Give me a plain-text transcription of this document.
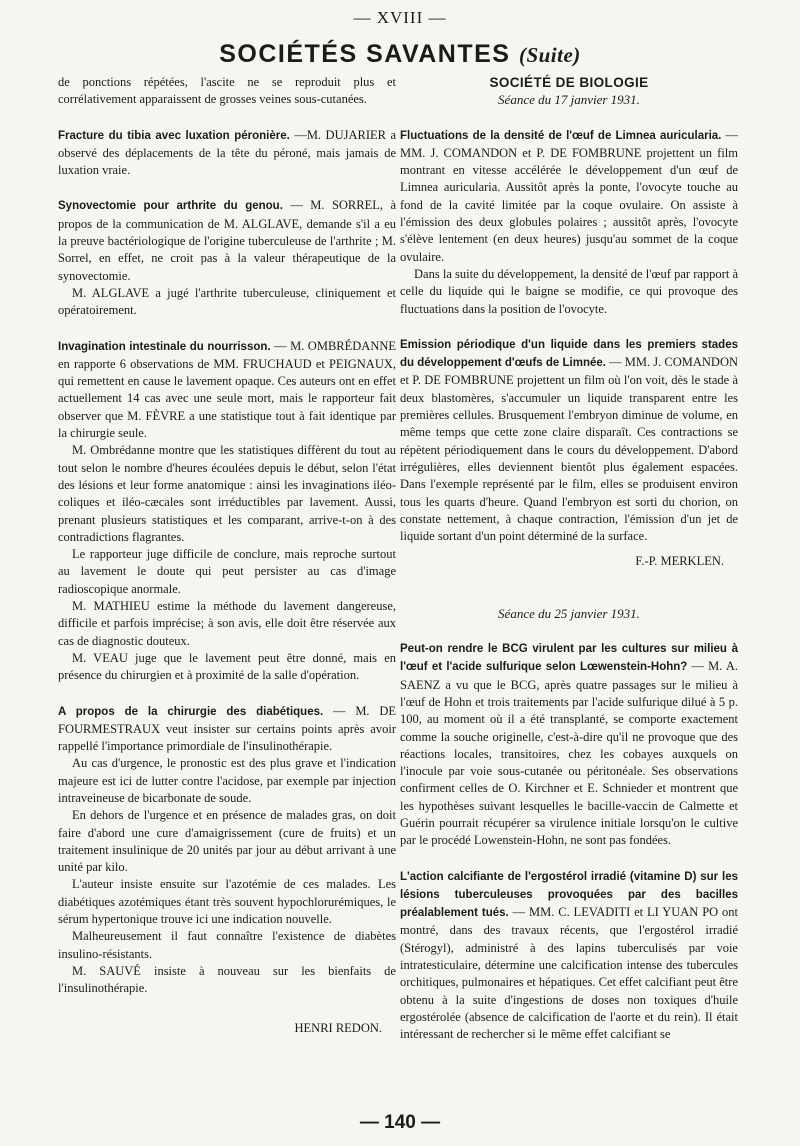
— XVIII —
SOCIÉTÉS SAVANTES (Suite)

de ponctions répétées, l'ascite ne se reproduit plus et corrélativement apparaissent de grosses veines sous-cutanées.

Fracture du tibia avec luxation péronière. —M. DUJARIER a observé des déplacements de la tête du péroné, mais jamais de luxation vraie.

Synovectomie pour arthrite du genou. — M. SORREL, à propos de la communication de M. ALGLAVE, demande s'il a eu la preuve bactériologique de l'origine tuberculeuse de l'arthrite ; M. Sorrel, en effet, ne croit pas à la valeur thérapeutique de la synovectomie.

M. ALGLAVE a jugé l'arthrite tuberculeuse, cliniquement et opératoirement.

Invagination intestinale du nourrisson. — M. OMBRÉDANNE en rapporte 6 observations de MM. FRUCHAUD et PEIGNAUX, qui remettent en cause le lavement opaque. Ces auteurs ont en effet actuellement 14 cas avec une seule mort, mais le rapporteur fait observer que M. FÈVRE a une statistique tout à fait identique par la chirurgie seule.

M. Ombrédanne montre que les statistiques diffèrent du tout au tout selon le nombre d'heures écoulées depuis le début, selon l'état des lésions et leur forme anatomique : ainsi les invaginations iléo-coliques et iléo-cæcales sont irréductibles par lavement. Aussi, prenant plusieurs statistiques et les comparant, arrive-t-on à des contradictions flagrantes.

Le rapporteur juge difficile de conclure, mais reproche surtout au lavement le doute qui peut persister au cas d'image radioscopique anormale.

M. MATHIEU estime la méthode du lavement dangereuse, difficile et parfois imprécise; à son avis, elle doit être réservée aux cas de diagnostic douteux.

M. VEAU juge que le lavement peut être donné, mais en présence du chirurgien et à proximité de la salle d'opération.

A propos de la chirurgie des diabétiques. — M. DE FOURMESTRAUX veut insister sur certains points après avoir rappellé l'importance primordiale de l'insulinothérapie.

Au cas d'urgence, le pronostic est des plus grave et l'indication majeure est ici de lutter contre l'acidose, par exemple par injection intraveineuse de bicarbonate de soude.

En dehors de l'urgence et en présence de malades gras, on doit faire d'abord une cure d'amaigrissement (cure de fruits) et un traitement insulinique de 20 unités par jour au début arrivant à une unité par kilo.

L'auteur insiste ensuite sur l'azotémie de ces malades. Les diabétiques azotémiques étant très souvent hypochlorurémiques, le sérum hypertonique trouve ici une indication nouvelle.

Malheureusement il faut connaître l'existence de diabètes insulino-résistants.

M. SAUVÉ insiste à nouveau sur les bienfaits de l'insulinothérapie.

HENRI REDON.

SOCIÉTÉ DE BIOLOGIE

Séance du 17 janvier 1931.

Fluctuations de la densité de l'œuf de Limnea auricularia. — MM. J. COMANDON et P. DE FOMBRUNE projettent un film montrant en vitesse accélérée le développement d'un œuf de Limnea auricularia. Aussitôt après la ponte, l'ovocyte touche au fond de la cavité limitée par la coque ovulaire. On assiste à l'émission des deux globules polaires ; aussitôt après, l'ovocyte s'élève lentement (en deux heures) jusqu'au sommet de la coque ovulaire.

Dans la suite du développement, la densité de l'œuf par rapport à celle du liquide qui le baigne se modifie, ce qui provoque des fluctuations dans la position de l'ovocyte.

Emission périodique d'un liquide dans les premiers stades du développement d'œufs de Limnée. — MM. J. COMANDON et P. DE FOMBRUNE projettent un film où l'on voit, dès le stade à deux blastomères, s'accumuler un liquide transparent entre les premières cellules. Brusquement l'embryon diminue de volume, en même temps que cette zone claire disparaît. Ces contractions se répètent périodiquement dans le cours du développement. D'abord irrégulières, elles deviennent bientôt plus également espacées. Dans l'exemple représenté par le film, elles se produisent environ tous les quarts d'heure. Quand l'embryon est sorti du chorion, on constate nettement, à chaque contraction, l'émission d'un jet de liquide sortant d'un point déterminé de la surface.

F.-P. MERKLEN.

Séance du 25 janvier 1931.

Peut-on rendre le BCG virulent par les cultures sur milieu à l'œuf et l'acide sulfurique selon Lœwenstein-Hohn? — M. A. SAENZ a vu que le BCG, après quatre passages sur le milieu à l'œuf de Hohn et trois traitements par l'acide sulfurique dilué à 5 p. 100, au moment où il a été transplanté, se comporte exactement comme la souche originelle, c'est-à-dire qu'il ne provoque que des réactions locales, transitoires, chez les cobayes auxquels on l'inocule par voie sous-cutanée ou péritonéale. Ses observations confirment celles de O. Kirchner et E. Schnieder et montrent que les hypothèses suivant lesquelles le bacille-vaccin de Calmette et Guérin pourrait récupérer sa virulence initiale lorsqu'on le cultive par le procédé Lowenstein-Hohn, ne sont pas fondées.

L'action calcifiante de l'ergostérol irradié (vitamine D) sur les lésions tuberculeuses provoquées par des bacilles préalablement tués. — MM. C. LEVADITI et LI YUAN PO ont montré, dans des travaux récents, que l'ergostérol irradié (Stérogyl), administré à des lapins tuberculisés par voie intratesticulaire, détermine une calcification intense des tubercules orchitiques, pulmonaires et hépatiques. Cet effet calcifiant peut être obtenu à la suite d'ingestions de doses non toxiques d'huile ergostérolée (absence de calcification de l'aorte et du rein). Il était intéressant de rechercher si le même effet calcifiant se

— 140 —
